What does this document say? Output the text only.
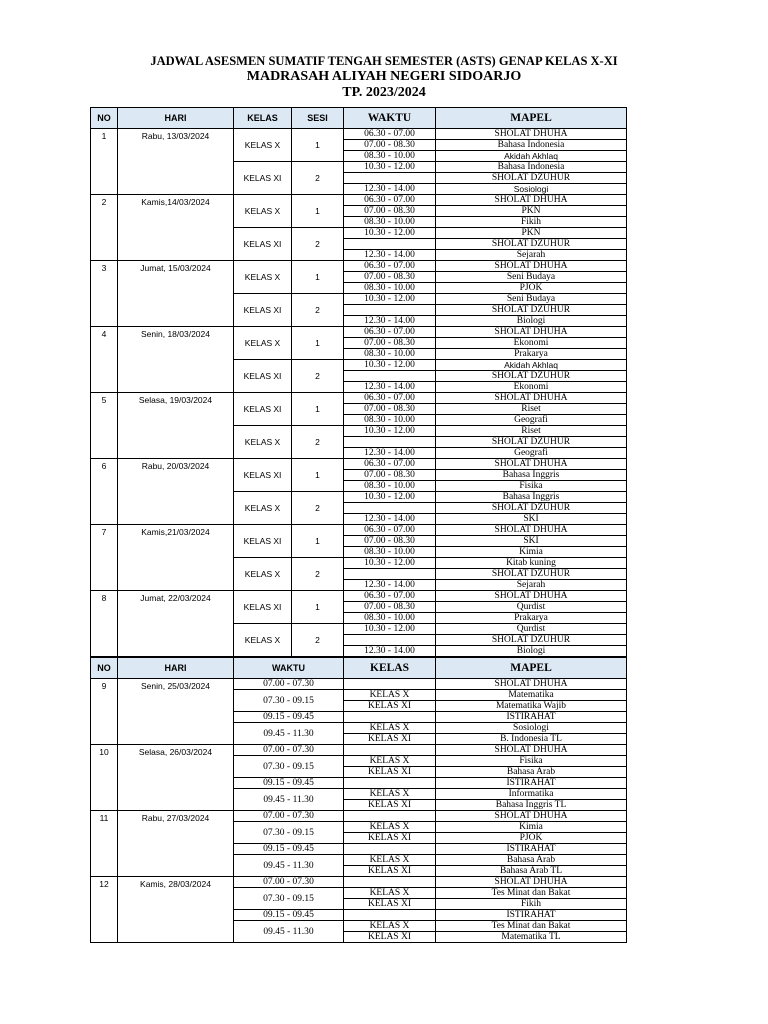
JADWAL ASESMEN SUMATIF TENGAH SEMESTER (ASTS) GENAP KELAS X-XI
MADRASAH ALIYAH NEGERI SIDOARJO
TP. 2023/2024
NO	HARI	KELAS	SESI	WAKTU	MAPEL

1	Rabu, 13/03/2024	KELAS X	1	06.30 - 07.00	SHOLAT DHUHA
				07.00 - 08.30	Bahasa Indonesia
				08.30 - 10.00	Akidah Akhlaq
		KELAS XI	2	10.30 - 12.00	Bahasa Indonesia
					SHOLAT DZUHUR
				12.30 - 14.00	Sosiologi

2	Kamis,14/03/2024	KELAS X	1	06.30 - 07.00	SHOLAT DHUHA
				07.00 - 08.30	PKN
				08.30 - 10.00	Fikih
		KELAS XI	2	10.30 - 12.00	PKN
					SHOLAT DZUHUR
				12.30 - 14.00	Sejarah

3	Jumat, 15/03/2024	KELAS X	1	06.30 - 07.00	SHOLAT DHUHA
				07.00 - 08.30	Seni Budaya
				08.30 - 10.00	PJOK
		KELAS XI	2	10.30 - 12.00	Seni Budaya
					SHOLAT DZUHUR
				12.30 - 14.00	Biologi

4	Senin, 18/03/2024	KELAS X	1	06.30 - 07.00	SHOLAT DHUHA
				07.00 - 08.30	Ekonomi
				08.30 - 10.00	Prakarya
		KELAS XI	2	10.30 - 12.00	Akidah Akhlaq
					SHOLAT DZUHUR
				12.30 - 14.00	Ekonomi

5	Selasa, 19/03/2024	KELAS XI	1	06.30 - 07.00	SHOLAT DHUHA
				07.00 - 08.30	Riset
				08.30 - 10.00	Geografi
		KELAS X	2	10.30 - 12.00	Riset
					SHOLAT DZUHUR
				12.30 - 14.00	Geografi

6	Rabu, 20/03/2024	KELAS XI	1	06.30 - 07.00	SHOLAT DHUHA
				07.00 - 08.30	Bahasa Inggris
				08.30 - 10.00	Fisika
		KELAS X	2	10.30 - 12.00	Bahasa Inggris
					SHOLAT DZUHUR
				12.30 - 14.00	SKI

7	Kamis,21/03/2024	KELAS XI	1	06.30 - 07.00	SHOLAT DHUHA
				07.00 - 08.30	SKI
				08.30 - 10.00	Kimia
		KELAS X	2	10.30 - 12.00	Kitab kuning
					SHOLAT DZUHUR
				12.30 - 14.00	Sejarah

8	Jumat, 22/03/2024	KELAS XI	1	06.30 - 07.00	SHOLAT DHUHA
				07.00 - 08.30	Qurdist
				08.30 - 10.00	Prakarya
		KELAS X	2	10.30 - 12.00	Qurdist
					SHOLAT DZUHUR
				12.30 - 14.00	Biologi
NO	HARI	WAKTU	KELAS	MAPEL

9	Senin, 25/03/2024	07.00 - 07.30		SHOLAT DHUHA
		07.30 - 09.15	KELAS X	Matematika
			KELAS XI	Matematika Wajib
		09.15 - 09.45		ISTIRAHAT
		09.45 - 11.30	KELAS X	Sosiologi
			KELAS XI	B. Indonesia TL

10	Selasa, 26/03/2024	07.00 - 07.30		SHOLAT DHUHA
		07.30 - 09.15	KELAS X	Fisika
			KELAS XI	Bahasa Arab
		09.15 - 09.45		ISTIRAHAT
		09.45 - 11.30	KELAS X	Informatika
			KELAS XI	Bahasa Inggris TL

11	Rabu, 27/03/2024	07.00 - 07.30		SHOLAT DHUHA
		07.30 - 09.15	KELAS X	Kimia
			KELAS XI	PJOK
		09.15 - 09.45		ISTIRAHAT
		09.45 - 11.30	KELAS X	Bahasa Arab
			KELAS XI	Bahasa Arab TL

12	Kamis, 28/03/2024	07.00 - 07.30		SHOLAT DHUHA
		07.30 - 09.15	KELAS X	Tes Minat dan Bakat
			KELAS XI	Fikih
		09.15 - 09.45		ISTIRAHAT
		09.45 - 11.30	KELAS X	Tes Minat dan Bakat
			KELAS XI	Matematika TL
